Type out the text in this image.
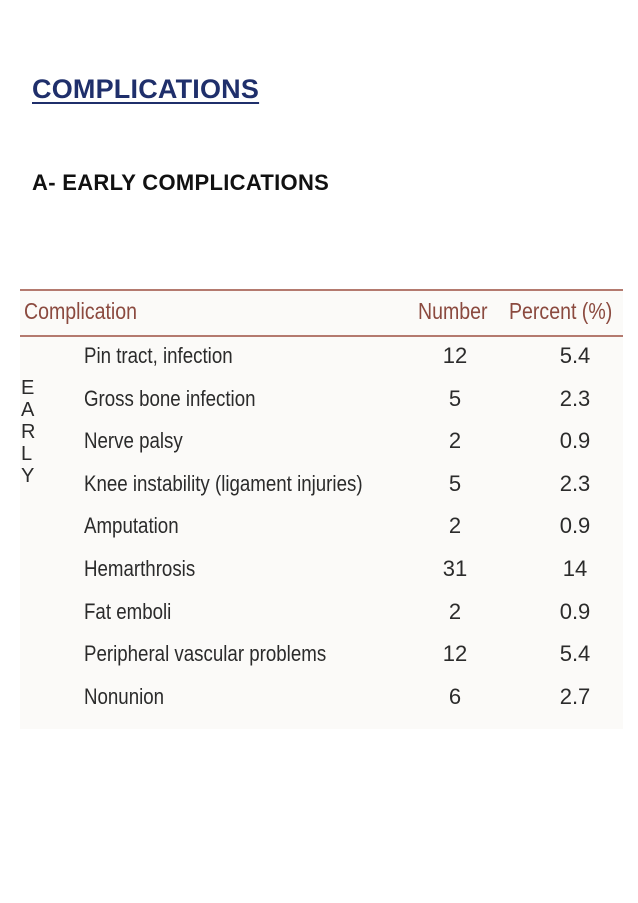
COMPLICATIONS
A- EARLY COMPLICATIONS
Complication	Number Percent (%)
E
A
R
L
Y
Pin tract, infection	12	5.4
Gross bone infection	5	2.3
Nerve palsy	2	0.9
Knee instability (ligament injuries)	5	2.3
Amputation	2	0.9
Hemarthrosis	31	14
Fat emboli	2	0.9
Peripheral vascular problems	12	5.4
Nonunion	6	2.7
